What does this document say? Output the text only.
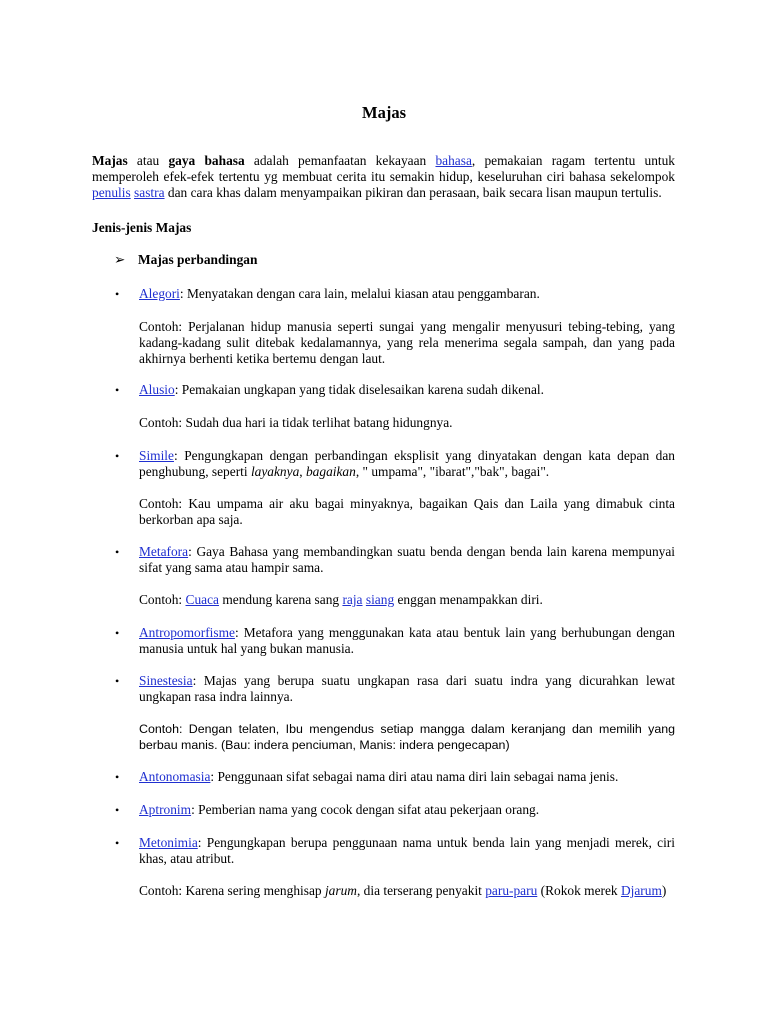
Majas

Majas atau gaya bahasa adalah pemanfaatan kekayaan bahasa, pemakaian ragam tertentu untuk memperoleh efek-efek tertentu yg membuat cerita itu semakin hidup, keseluruhan ciri bahasa sekelompok penulis sastra dan cara khas dalam menyampaikan pikiran dan perasaan, baik secara lisan maupun tertulis.

Jenis-jenis Majas
➢ Majas perbandingan
• Alegori: Menyatakan dengan cara lain, melalui kiasan atau penggambaran.
Contoh: Perjalanan hidup manusia seperti sungai yang mengalir menyusuri tebing-tebing, yang kadang-kadang sulit ditebak kedalamannya, yang rela menerima segala sampah, dan yang pada akhirnya berhenti ketika bertemu dengan laut.
• Alusio: Pemakaian ungkapan yang tidak diselesaikan karena sudah dikenal.
Contoh: Sudah dua hari ia tidak terlihat batang hidungnya.
• Simile: Pengungkapan dengan perbandingan eksplisit yang dinyatakan dengan kata depan dan penghubung, seperti layaknya, bagaikan, " umpama", "ibarat","bak", bagai".
Contoh: Kau umpama air aku bagai minyaknya, bagaikan Qais dan Laila yang dimabuk cinta berkorban apa saja.
• Metafora: Gaya Bahasa yang membandingkan suatu benda dengan benda lain karena mempunyai sifat yang sama atau hampir sama.
Contoh: Cuaca mendung karena sang raja siang enggan menampakkan diri.
• Antropomorfisme: Metafora yang menggunakan kata atau bentuk lain yang berhubungan dengan manusia untuk hal yang bukan manusia.
• Sinestesia: Majas yang berupa suatu ungkapan rasa dari suatu indra yang dicurahkan lewat ungkapan rasa indra lainnya.
Contoh: Dengan telaten, Ibu mengendus setiap mangga dalam keranjang dan memilih yang berbau manis. (Bau: indera penciuman, Manis: indera pengecapan)
• Antonomasia: Penggunaan sifat sebagai nama diri atau nama diri lain sebagai nama jenis.
• Aptronim: Pemberian nama yang cocok dengan sifat atau pekerjaan orang.
• Metonimia: Pengungkapan berupa penggunaan nama untuk benda lain yang menjadi merek, ciri khas, atau atribut.
Contoh: Karena sering menghisap jarum, dia terserang penyakit paru-paru (Rokok merek Djarum)
